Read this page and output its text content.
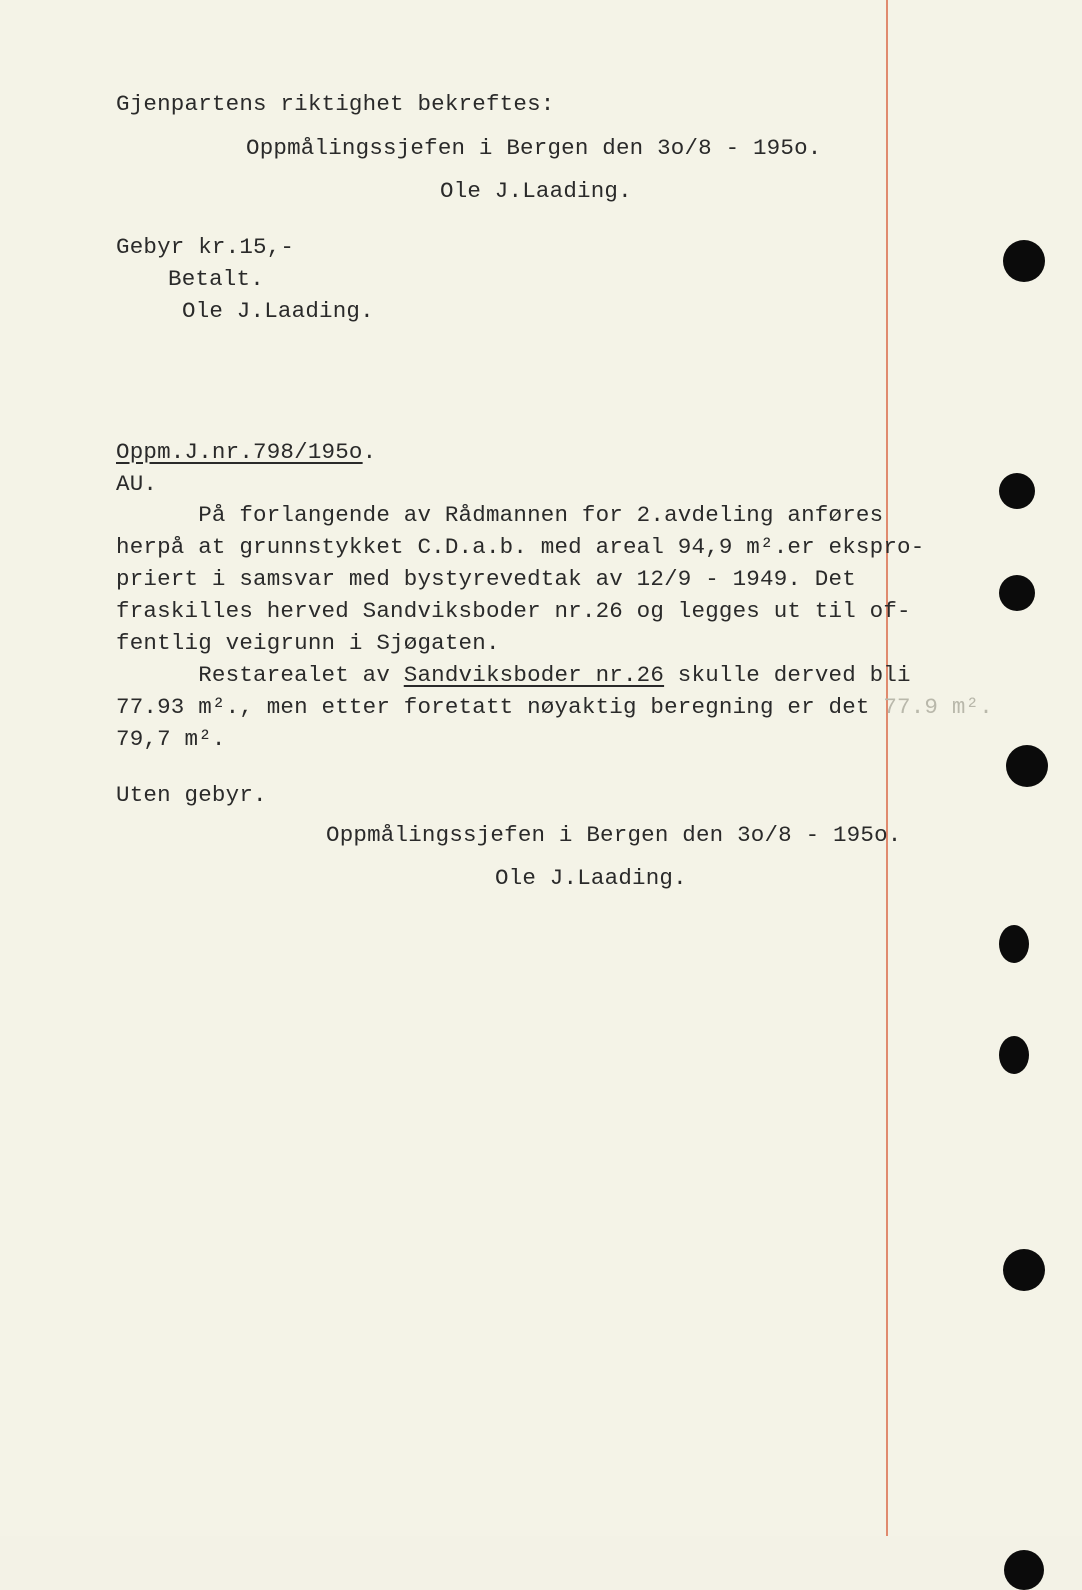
Gjenpartens riktighet bekreftes:
Oppmålingssjefen i Bergen den 3o/8 - 195o.
Ole J.Laading.
Gebyr kr.15,-
Betalt.
Ole J.Laading.
Oppm.J.nr.798/195o.
AU.
På forlangende av Rådmannen for 2.avdeling anføres
herpå at grunnstykket C.D.a.b. med areal 94,9 m².er ekspro-
priert i samsvar med bystyrevedtak av 12/9 - 1949. Det
fraskilles herved Sandviksboder nr.26 og legges ut til of-
fentlig veigrunn i Sjøgaten.
Restarealet av Sandviksboder nr.26 skulle derved bli
77.93 m²., men etter foretatt nøyaktig beregning er det 77.9 m².
79,7 m².
Uten gebyr.
Oppmålingssjefen i Bergen den 3o/8 - 195o.
Ole J.Laading.
